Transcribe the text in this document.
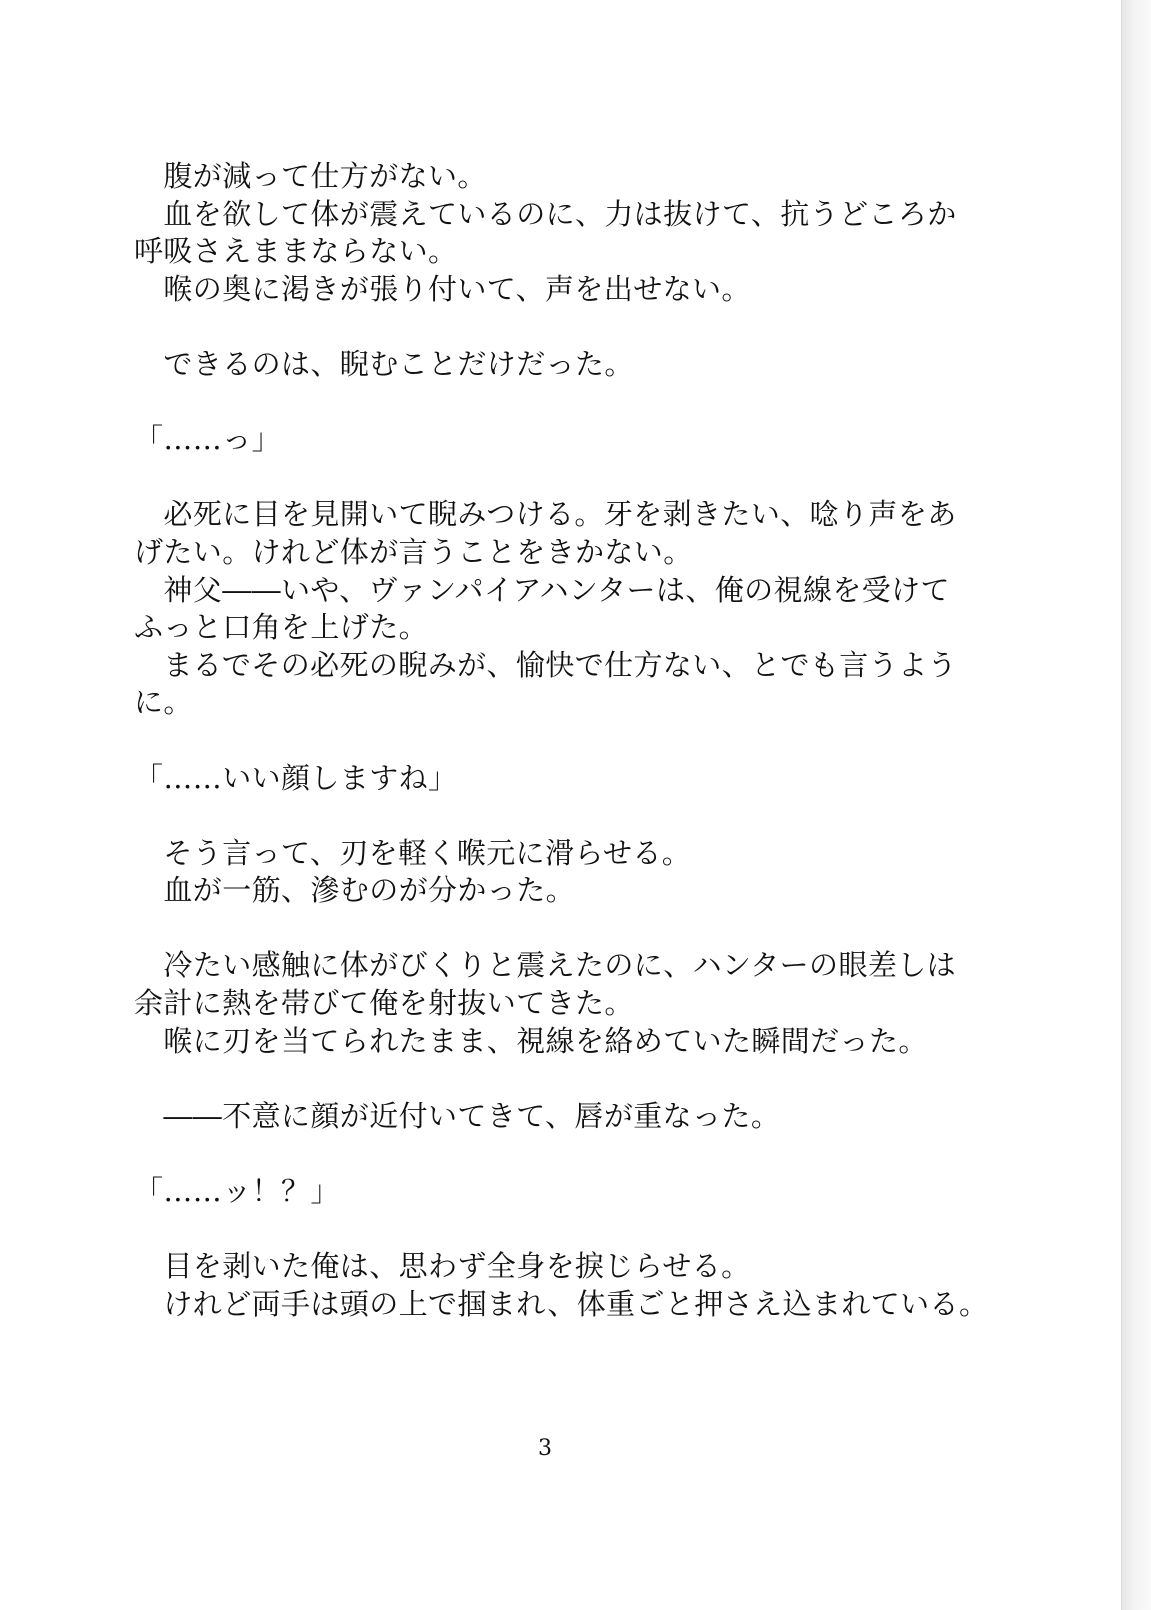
　腹が減って仕方がない。
　血を欲して体が震えているのに、力は抜けて、抗うどころか
呼吸さえままならない。
　喉の奥に渇きが張り付いて、声を出せない。
　できるのは、睨むことだけだった。
「……っ」
　必死に目を見開いて睨みつける。牙を剥きたい、唸り声をあ
げたい。けれど体が言うことをきかない。
　神父――いや、ヴァンパイアハンターは、俺の視線を受けて
ふっと口角を上げた。
　まるでその必死の睨みが、愉快で仕方ない、とでも言うよう
に。
「……いい顔しますね」
　そう言って、刃を軽く喉元に滑らせる。
　血が一筋、滲むのが分かった。
　冷たい感触に体がびくりと震えたのに、ハンターの眼差しは
余計に熱を帯びて俺を射抜いてきた。
　喉に刃を当てられたまま、視線を絡めていた瞬間だった。
　――不意に顔が近付いてきて、唇が重なった。
「……ッ！？」
　目を剥いた俺は、思わず全身を捩じらせる。
　けれど両手は頭の上で掴まれ、体重ごと押さえ込まれている。
3
